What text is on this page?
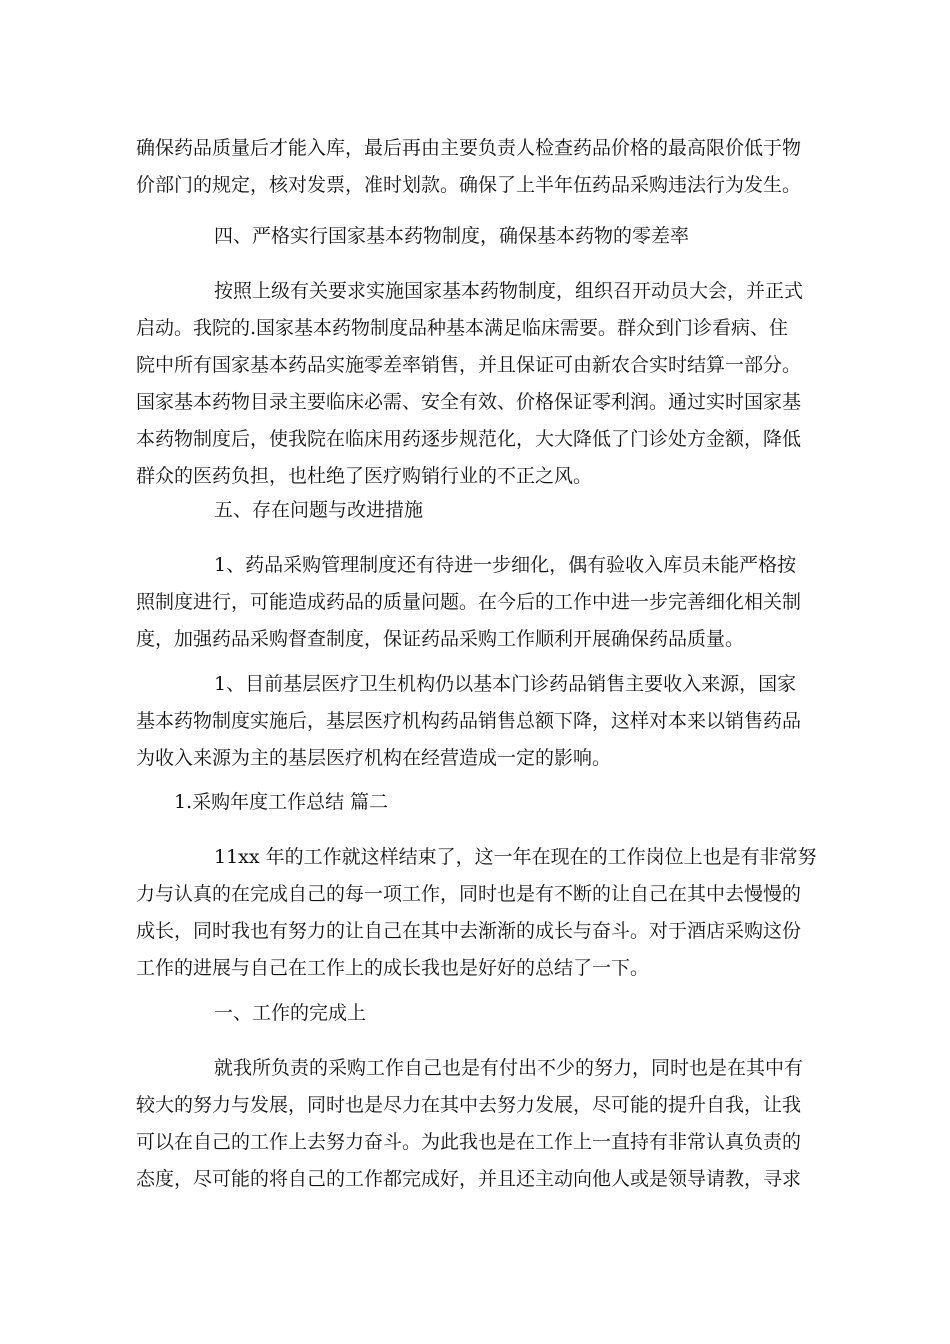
确保药品质量后才能入库，最后再由主要负责人检查药品价格的最高限价低于物
价部门的规定，核对发票，准时划款。确保了上半年伍药品采购违法行为发生。
四、严格实行国家基本药物制度，确保基本药物的零差率
按照上级有关要求实施国家基本药物制度，组织召开动员大会，并正式
启动。我院的.国家基本药物制度品种基本满足临床需要。群众到门诊看病、住
院中所有国家基本药品实施零差率销售，并且保证可由新农合实时结算一部分。
国家基本药物目录主要临床必需、安全有效、价格保证零利润。通过实时国家基
本药物制度后，使我院在临床用药逐步规范化，大大降低了门诊处方金额，降低
群众的医药负担，也杜绝了医疗购销行业的不正之风。
五、存在问题与改进措施
1、药品采购管理制度还有待进一步细化，偶有验收入库员未能严格按
照制度进行，可能造成药品的质量问题。在今后的工作中进一步完善细化相关制
度，加强药品采购督查制度，保证药品采购工作顺利开展确保药品质量。
1、目前基层医疗卫生机构仍以基本门诊药品销售主要收入来源，国家
基本药物制度实施后，基层医疗机构药品销售总额下降，这样对本来以销售药品
为收入来源为主的基层医疗机构在经营造成一定的影响。
1.采购年度工作总结 篇二
11xx 年的工作就这样结束了，这一年在现在的工作岗位上也是有非常努
力与认真的在完成自己的每一项工作，同时也是有不断的让自己在其中去慢慢的
成长，同时我也有努力的让自己在其中去渐渐的成长与奋斗。对于酒店采购这份
工作的进展与自己在工作上的成长我也是好好的总结了一下。
一、工作的完成上
就我所负责的采购工作自己也是有付出不少的努力，同时也是在其中有
较大的努力与发展，同时也是尽力在其中去努力发展，尽可能的提升自我，让我
可以在自己的工作上去努力奋斗。为此我也是在工作上一直持有非常认真负责的
态度，尽可能的将自己的工作都完成好，并且还主动向他人或是领导请教，寻求
